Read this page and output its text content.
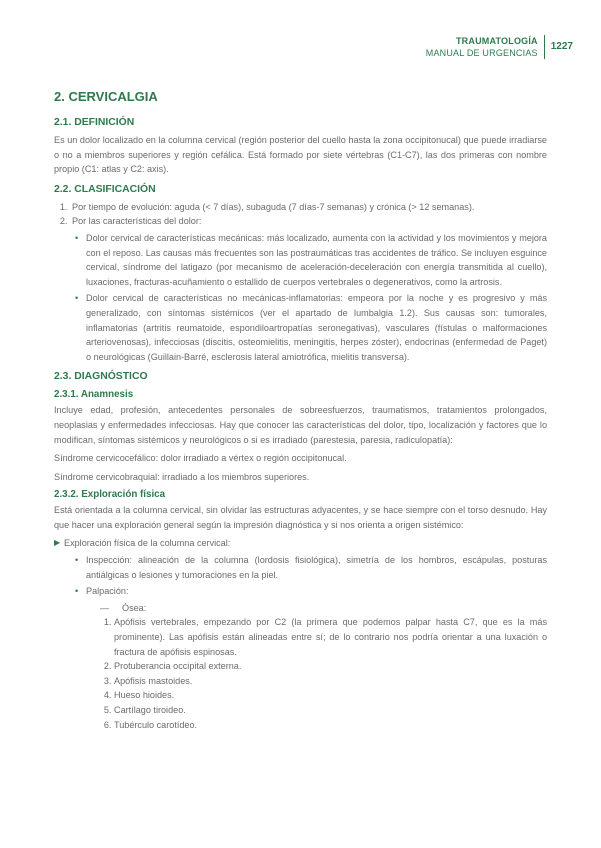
TRAUMATOLOGÍA
MANUAL DE URGENCIAS
1227
2. CERVICALGIA
2.1. DEFINICIÓN

Es un dolor localizado en la columna cervical (región posterior del cuello hasta la zona occipitonucal) que puede irradiarse o no a miembros superiores y región cefálica. Está formado por siete vértebras (C1-C7), las dos primeras con nombre propio (C1: atlas y C2: axis).

2.2. CLASIFICACIÓN
1. Por tiempo de evolución: aguda (< 7 días), subaguda (7 días-7 semanas) y crónica (> 12 semanas).
2. Por las características del dolor:
• Dolor cervical de características mecánicas: más localizado, aumenta con la actividad y los movimientos y mejora con el reposo. Las causas más frecuentes son las postraumáticas tras accidentes de tráfico. Se incluyen esguince cervical, síndrome del latigazo (por mecanismo de aceleración-deceleración con energía transmitida al cuello), luxaciones, fracturas-acuñamiento o estallido de cuerpos vertebrales o degenerativos, como la artrosis.
• Dolor cervical de características no mecánicas-inflamatorias: empeora por la noche y es progresivo y más generalizado, con síntomas sistémicos (ver el apartado de lumbalgia 1.2). Sus causas son: tumorales, inflamatorias (artritis reumatoide, espondiloartropatías seronegativas), vasculares (fístulas o malformaciones arteriovenosas), infecciosas (discitis, osteomielitis, meningitis, herpes zóster), endocrinas (enfermedad de Paget) o neurológicas (Guillain-Barré, esclerosis lateral amiotrófica, mielitis transversa).
2.3. DIAGNÓSTICO
2.3.1. Anamnesis

Incluye edad, profesión, antecedentes personales de sobreesfuerzos, traumatismos, tratamientos prolongados, neoplasias y enfermedades infecciosas. Hay que conocer las características del dolor, tipo, localización y factores que lo modifican, síntomas sistémicos y neurológicos o si es irradiado (parestesia, paresia, radiculopatía):

Síndrome cervicocefálico: dolor irradiado a vértex o región occipitonucal.

Síndrome cervicobraquial: irradiado a los miembros superiores.

2.3.2. Exploración física

Está orientada a la columna cervical, sin olvidar las estructuras adyacentes, y se hace siempre con el torso desnudo. Hay que hacer una exploración general según la impresión diagnóstica y si nos orienta a origen sistémico:

▶ Exploración física de la columna cervical:
• Inspección: alineación de la columna (lordosis fisiológica), simetría de los hombros, escápulas, posturas antiálgicas o lesiones y tumoraciones en la piel.
• Palpación:
—	Ósea:
1. Apófisis vertebrales, empezando por C2 (la primera que podemos palpar hasta C7, que es la más prominente). Las apófisis están alineadas entre sí; de lo contrario nos podría orientar a una luxación o fractura de apófisis espinosas.
2. Protuberancia occipital externa.
3. Apófisis mastoides.
4. Hueso hioides.
5. Cartílago tiroideo.
6. Tubérculo carotídeo.
